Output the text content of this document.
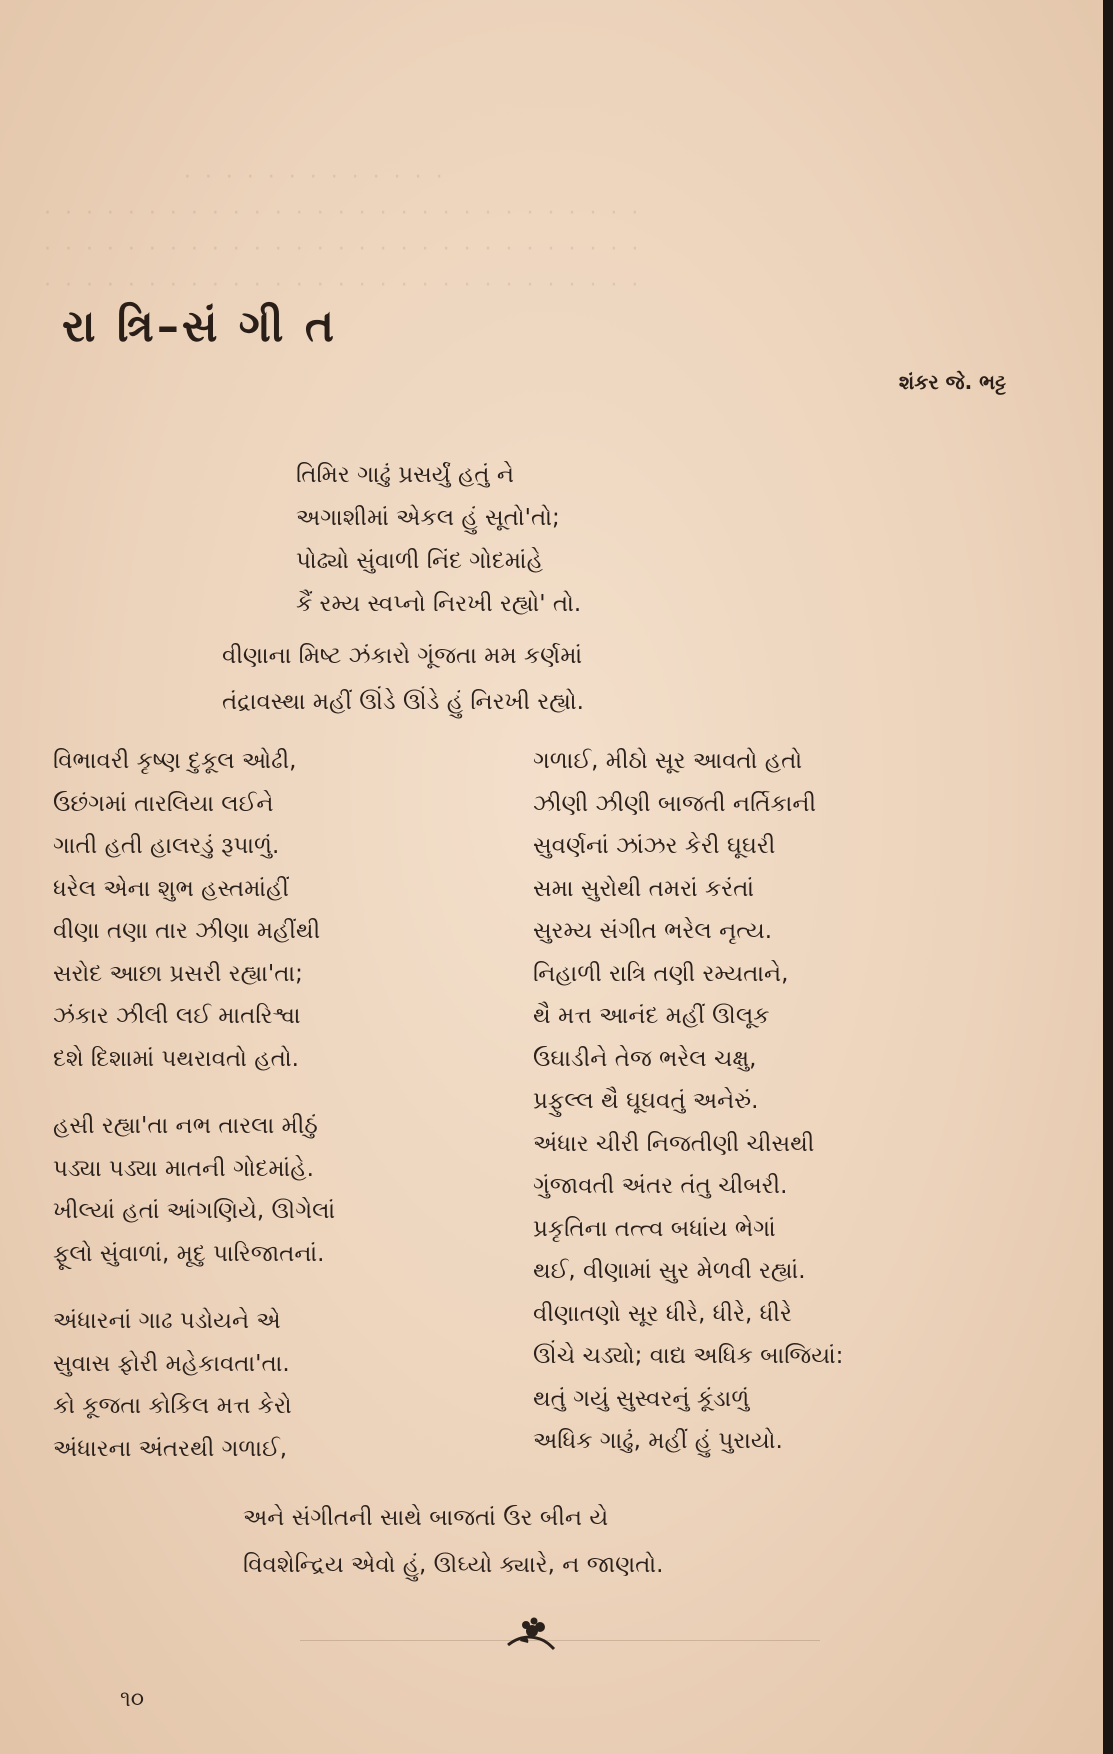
·  ·  ·  ·  ·  ·  ·  ·  ·  ·  ·  ·  ·
·  ·  ·  ·  ·  ·  ·  ·  ·  ·  ·  ·  ·  ·  ·  ·  ·  ·  ·  ·  ·  ·  ·  ·  ·  ·  ·  ·  ·
·  ·  ·  ·  ·  ·  ·  ·  ·  ·  ·  ·  ·  ·  ·  ·  ·  ·  ·  ·  ·  ·  ·  ·  ·  ·  ·  ·  ·
·  ·  ·  ·  ·  ·  ·  ·  ·  ·  ·  ·  ·  ·  ·  ·  ·  ·  ·  ·  ·  ·  ·  ·  ·  ·  ·  ·  ·
રા ત્રિ–સં ગી ત
શંકર જે. ભટ્ટ
તિમિર ગાઢું પ્રસર્યું હતું ને
અગાશીમાં એકલ હું સૂતો'તો;
પોઢ્યો સુંવાળી નિંદ ગોદમાંહે
કૈં રમ્ય સ્વપ્નો નિરખી રહ્યો' તો.
વીણાના મિષ્ટ ઝંકારો ગૂંજતા મમ કર્ણમાં
તંદ્રાવસ્થા મહીં ઊંડે ઊંડે હું નિરખી રહ્યો.
વિભાવરી કૃષ્ણ દુકૂલ ઓઢી,
ઉછંગમાં તારલિયા લઈને
ગાતી હતી હાલરડું રૂપાળું.
ધરેલ એના શુભ હસ્તમાંહીં
વીણા તણા તાર ઝીણા મહીંથી
સરોદ આછા પ્રસરી રહ્યા'તા;
ઝંકાર ઝીલી લઈ માતરિશ્વા
દશે દિશામાં પથરાવતો હતો.
હસી રહ્યા'તા નભ તારલા મીઠું
પડ્યા પડ્યા માતની ગોદમાંહે.
ખીલ્યાં હતાં આંગણિયે, ઊગેલાં
ફૂલો સુંવાળાં, મૃદુ પારિજાતનાં.
અંધારનાં ગાઢ પડોયને એ
સુવાસ ફોરી મહેકાવતા'તા.
કો કૂજતા કોકિલ મત્ત કેરો
અંધારના અંતરથી ગળાઈ,
ગળાઈ, મીઠો સૂર આવતો હતો
ઝીણી ઝીણી બાજતી નર્તિકાની
સુવર્ણનાં ઝાંઝર કેરી ઘૂઘરી
સમા સુરોથી તમરાં કરંતાં
સુરમ્ય સંગીત ભરેલ નૃત્ય.
નિહાળી રાત્રિ તણી રમ્યતાને,
થૈ મત્ત આનંદ મહીં ઊલૂક
ઉઘાડીને તેજ ભરેલ ચક્ષુ,
પ્રફુલ્લ થૈ ઘૂઘવતું અનેરું.
અંધાર ચીરી નિજતીણી ચીસથી
ગુંજાવતી અંતર તંતુ ચીબરી.
પ્રકૃતિના તત્ત્વ બધાંય ભેગાં
થઈ, વીણામાં સુર મેળવી રહ્યાં.
વીણાતણો સૂર ધીરે, ધીરે, ધીરે
ઊંચે ચડ્યો; વાદ્ય અધિક બાજિયાં:
થતું ગયું સુસ્વરનું કૂંડાળું
અધિક ગાઢું, મહીં હું પુરાયો.
અને સંગીતની સાથે બાજતાં ઉર બીન યે
વિવશેન્દ્રિય એવો હું, ઊઘ્યો ક્યારે, ન જાણતો.
૧૦
